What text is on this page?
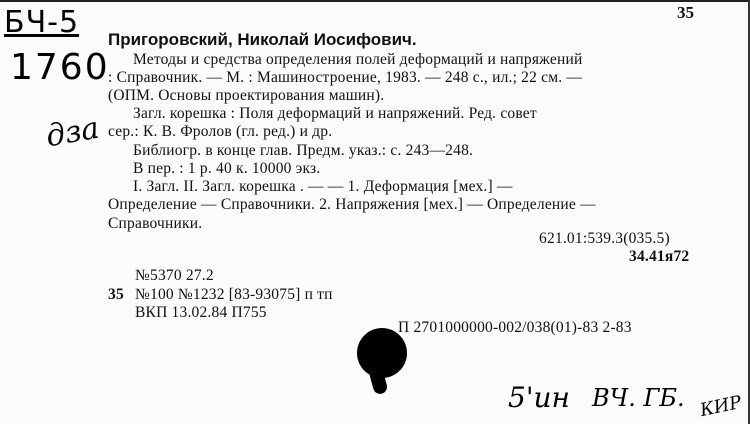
БЧ-5
1760
дза
5'ин ВЧ. ГБ. КИР
35
Пригоровский, Николай Иосифович.
Методы и средства определения полей деформаций и напряжений
: Справочник. — М. : Машиностроение, 1983. — 248 с., ил.; 22 см. —
(ОПМ. Основы проектирования машин).
Загл. корешка : Поля деформаций и напряжений. Ред. совет
сер.: К. В. Фролов (гл. ред.) и др.
Библиогр. в конце глав. Предм. указ.: с. 243—248.
В пер. : 1 р. 40 к. 10000 экз.
I. Загл. II. Загл. корешка . — — 1. Деформация [мех.] —
Определение — Справочники. 2. Напряжения [мех.] — Определение —
Справочники.
621.01:539.3(035.5)
34.41я72
№5370 27.2
35 №100 №1232 [83-93075] п тп
ВКП 13.02.84 П755
П 2701000000-002/038(01)-83 2-83
